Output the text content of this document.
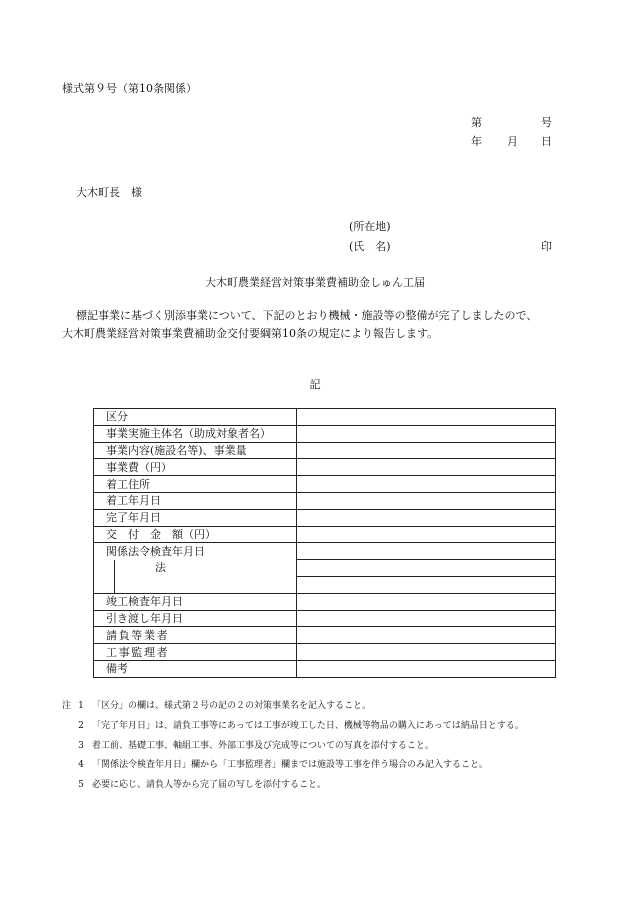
様式第９号（第10条関係）
第	号
年 月 日
大木町長　様
(所在地)
(氏　名)	印
大木町農業経営対策事業費補助金しゅん工届
標記事業に基づく別添事業について、下記のとおり機械・施設等の整備が完了しましたので、
大木町農業経営対策事業費補助金交付要綱第10条の規定により報告します。
記
区分	
事業実施主体名（助成対象者名）	
事業内容(施設名等)、事業量	
事業費（円）	
着工住所	
着工年月日	
完了年月日	
交　付　金　額（円）	
関係法令検査年月日	

法	

竣工検査年月日	
引き渡し年月日	
請負等業者	
工事監理者	
備考	
注 1 「区分」の欄は、様式第２号の記の２の対策事業名を記入すること。
2 「完了年月日」は、請負工事等にあっては工事が竣工した日、機械等物品の購入にあっては納品日とする。
3 着工前、基礎工事、軸組工事、外部工事及び完成等についての写真を添付すること。
4 「関係法令検査年月日」欄から「工事監理者」欄までは施設等工事を伴う場合のみ記入すること。
5 必要に応じ、請負人等から完了届の写しを添付すること。
